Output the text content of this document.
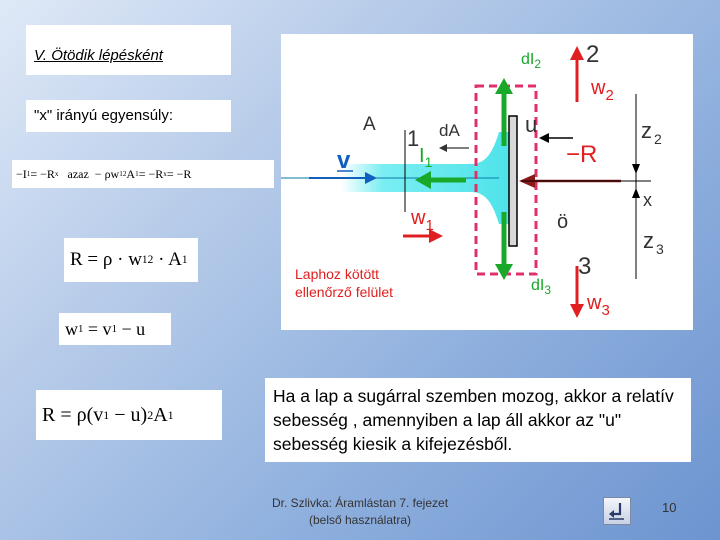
V. Ötödik lépésként
"x" irányú egyensúly:
−I 1 = −R x azaz  − ρw 1 2 A 1 = −R x = −R
R = ρ · w 1 2 · A 1
w 1 = v 1 − u
R = ρ(v 1 − u) 2 A 1
A
1 dA	u	z $_2$
2
$w_2$
v	$I_1$	−R
x
$w_1$	ö
z $_3$
3
$w_3$
$dI_2$
$dI_3$
Laphoz kötött
ellenőrző felület
Ha a lap a sugárral szemben mozog, akkor a relatív sebesség , amennyiben a lap áll akkor az "u" sebesség kiesik a kifejezésből.
Dr. Szlivka: Áramlástan 7. fejezet
(belső használatra)
10
